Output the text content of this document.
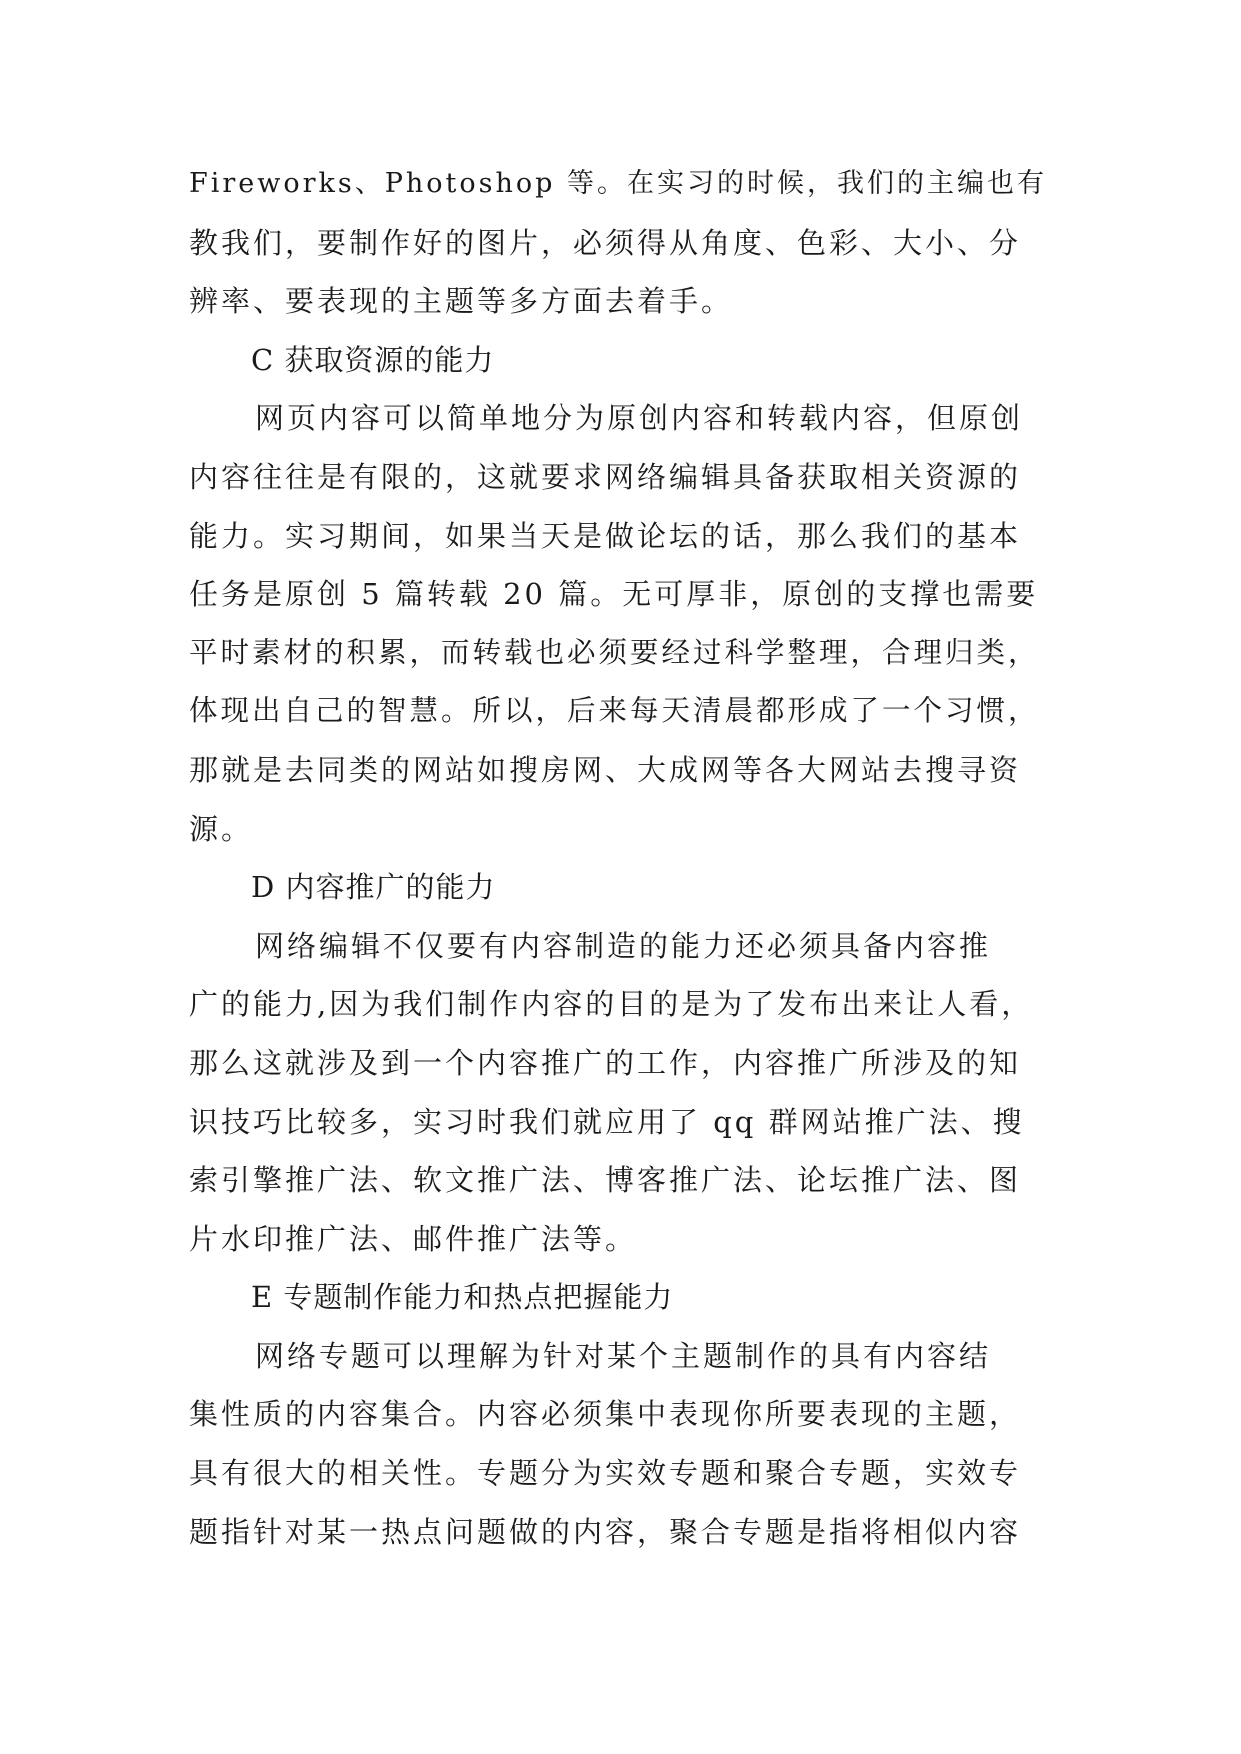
Fireworks、Photoshop 等。在实习的时候，我们的主编也有
教我们，要制作好的图片，必须得从角度、色彩、大小、分
辨率、要表现的主题等多方面去着手。
C 获取资源的能力
网页内容可以简单地分为原创内容和转载内容，但原创
内容往往是有限的，这就要求网络编辑具备获取相关资源的
能力。实习期间，如果当天是做论坛的话，那么我们的基本
任务是原创 5 篇转载 20 篇。无可厚非，原创的支撑也需要
平时素材的积累，而转载也必须要经过科学整理，合理归类，
体现出自己的智慧。所以，后来每天清晨都形成了一个习惯，
那就是去同类的网站如搜房网、大成网等各大网站去搜寻资
源。
D 内容推广的能力
网络编辑不仅要有内容制造的能力还必须具备内容推
广的能力,因为我们制作内容的目的是为了发布出来让人看，
那么这就涉及到一个内容推广的工作，内容推广所涉及的知
识技巧比较多，实习时我们就应用了 qq 群网站推广法、搜
索引擎推广法、软文推广法、博客推广法、论坛推广法、图
片水印推广法、邮件推广法等。
E 专题制作能力和热点把握能力
网络专题可以理解为针对某个主题制作的具有内容结
集性质的内容集合。内容必须集中表现你所要表现的主题，
具有很大的相关性。专题分为实效专题和聚合专题，实效专
题指针对某一热点问题做的内容，聚合专题是指将相似内容
